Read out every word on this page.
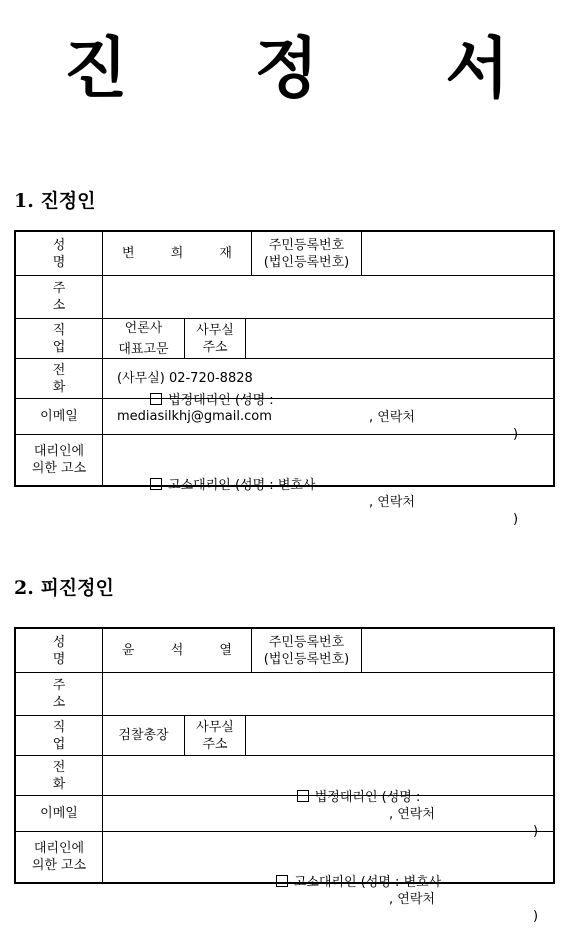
진 정 서
1. 진정인
성 명
변 희 재
주민등록번호
(법인등록번호)
주 소
직 업
언론사
대표고문
사무실
주소
전 화
(사무실) 02-720-8828
이메일	mediasilkhj@gmail.com
대리인에
의한 고소

법정대리인 (성명 :

, 연락처

)

고소대리인 (성명 : 변호사

, 연락처

)

2. 피진정인
성 명
윤 석 열
주민등록번호
(법인등록번호)
주 소
직 업
검찰총장
사무실
주소
전 화
이메일
대리인에
의한 고소

법정대리인 (성명 :

, 연락처

)

고소대리인 (성명 : 변호사

, 연락처

)
